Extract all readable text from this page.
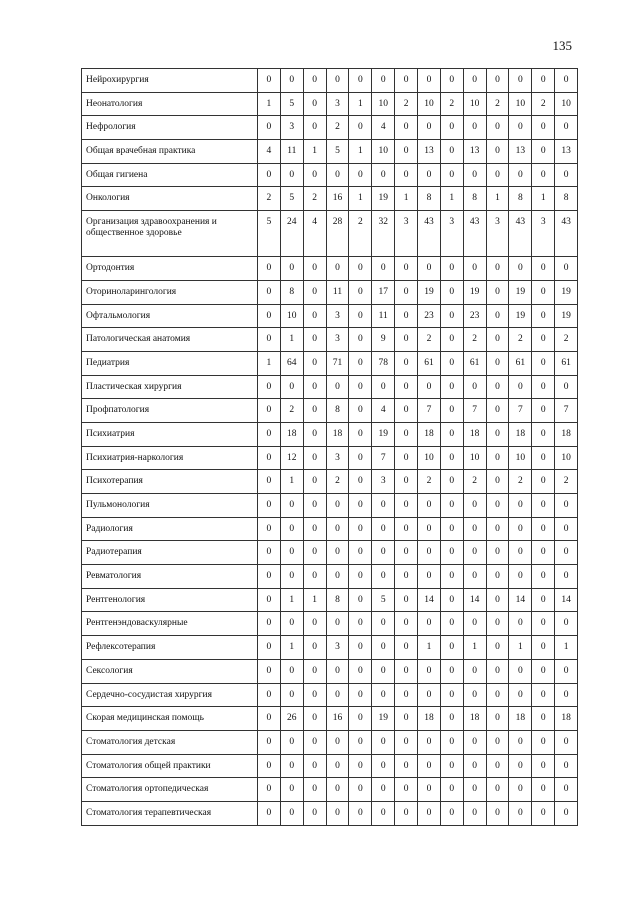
135
Нейрохирургия	0	0	0	0	0	0	0	0	0	0	0	0	0	0
Неонатология	1	5	0	3	1	10	2	10	2	10	2	10	2	10
Нефрология	0	3	0	2	0	4	0	0	0	0	0	0	0	0
Общая врачебная практика	4	11	1	5	1	10	0	13	0	13	0	13	0	13
Общая гигиена	0	0	0	0	0	0	0	0	0	0	0	0	0	0
Онкология	2	5	2	16	1	19	1	8	1	8	1	8	1	8
Организация здравоохранения и общественное здоровье	5	24	4	28	2	32	3	43	3	43	3	43	3	43
Ортодонтия	0	0	0	0	0	0	0	0	0	0	0	0	0	0
Оториноларингология	0	8	0	11	0	17	0	19	0	19	0	19	0	19
Офтальмология	0	10	0	3	0	11	0	23	0	23	0	19	0	19
Патологическая анатомия	0	1	0	3	0	9	0	2	0	2	0	2	0	2
Педиатрия	1	64	0	71	0	78	0	61	0	61	0	61	0	61
Пластическая хирургия	0	0	0	0	0	0	0	0	0	0	0	0	0	0
Профпатология	0	2	0	8	0	4	0	7	0	7	0	7	0	7
Психиатрия	0	18	0	18	0	19	0	18	0	18	0	18	0	18
Психиатрия-наркология	0	12	0	3	0	7	0	10	0	10	0	10	0	10
Психотерапия	0	1	0	2	0	3	0	2	0	2	0	2	0	2
Пульмонология	0	0	0	0	0	0	0	0	0	0	0	0	0	0
Радиология	0	0	0	0	0	0	0	0	0	0	0	0	0	0
Радиотерапия	0	0	0	0	0	0	0	0	0	0	0	0	0	0
Ревматология	0	0	0	0	0	0	0	0	0	0	0	0	0	0
Рентгенология	0	1	1	8	0	5	0	14	0	14	0	14	0	14
Рентгенэндоваскулярные	0	0	0	0	0	0	0	0	0	0	0	0	0	0
Рефлексотерапия	0	1	0	3	0	0	0	1	0	1	0	1	0	1
Сексология	0	0	0	0	0	0	0	0	0	0	0	0	0	0
Сердечно-сосудистая хирургия	0	0	0	0	0	0	0	0	0	0	0	0	0	0
Скорая медицинская помощь	0	26	0	16	0	19	0	18	0	18	0	18	0	18
Стоматология детская	0	0	0	0	0	0	0	0	0	0	0	0	0	0
Стоматология общей практики	0	0	0	0	0	0	0	0	0	0	0	0	0	0
Стоматология ортопедическая	0	0	0	0	0	0	0	0	0	0	0	0	0	0
Стоматология терапевтическая	0	0	0	0	0	0	0	0	0	0	0	0	0	0
